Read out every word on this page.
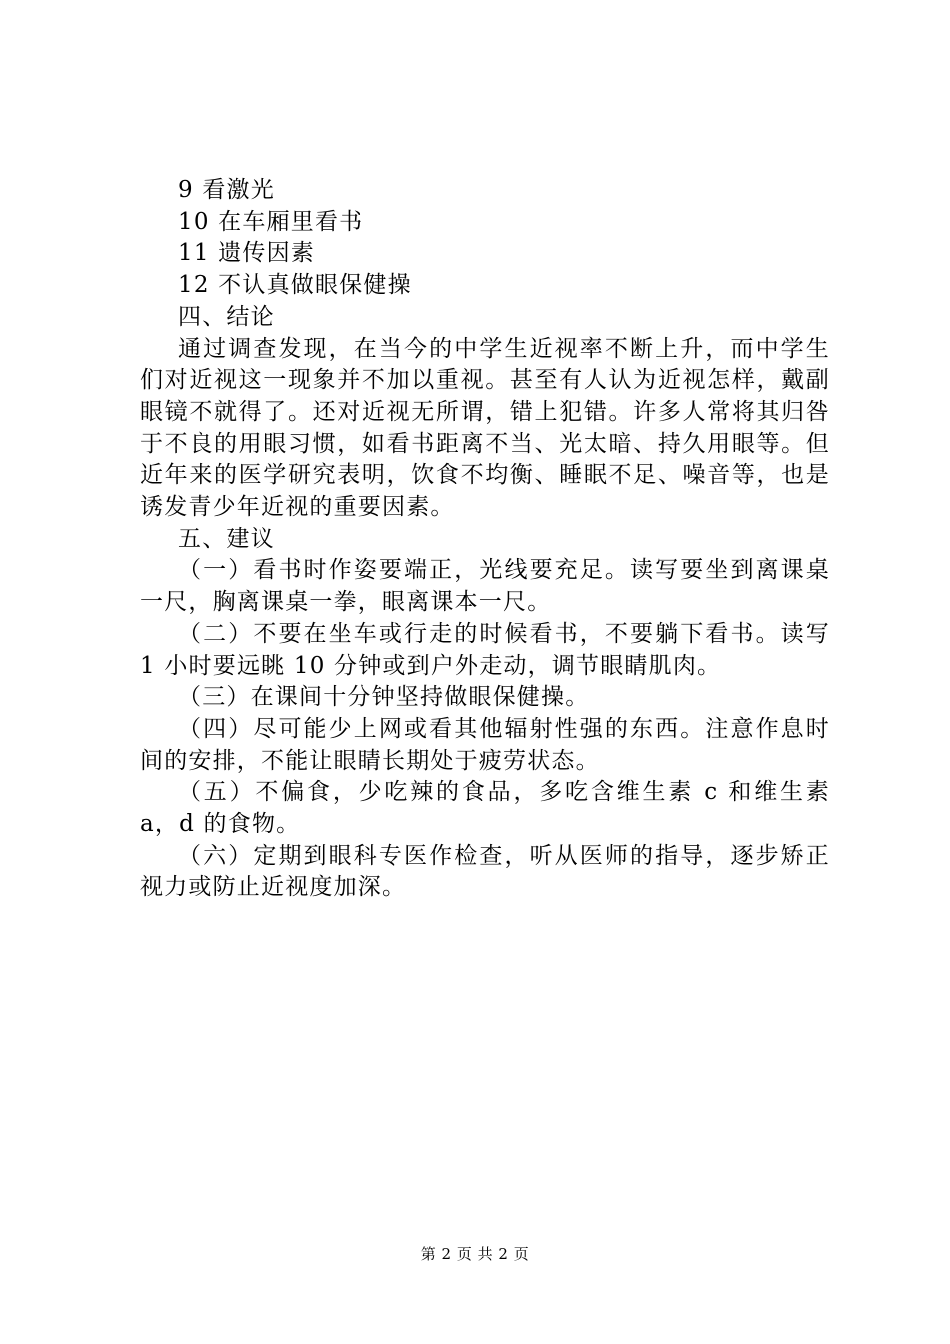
9 看激光

10 在车厢里看书

11 遗传因素

12 不认真做眼保健操

四、结论

通过调查发现，在当今的中学生近视率不断上升，而中学生们对近视这一现象并不加以重视。甚至有人认为近视怎样，戴副眼镜不就得了。还对近视无所谓，错上犯错。许多人常将其归咎于不良的用眼习惯，如看书距离不当、光太暗、持久用眼等。但近年来的医学研究表明，饮食不均衡、睡眠不足、噪音等，也是诱发青少年近视的重要因素。

五、建议

（一）看书时作姿要端正，光线要充足。读写要坐到离课桌一尺，胸离课桌一拳，眼离课本一尺。

（二）不要在坐车或行走的时候看书，不要躺下看书。读写 1 小时要远眺 10 分钟或到户外走动，调节眼睛肌肉。

（三）在课间十分钟坚持做眼保健操。

（四）尽可能少上网或看其他辐射性强的东西。注意作息时间的安排，不能让眼睛长期处于疲劳状态。

（五）不偏食，少吃辣的食品，多吃含维生素 c 和维生素 a，d 的食物。

（六）定期到眼科专医作检查，听从医师的指导，逐步矫正视力或防止近视度加深。

第 2 页 共 2 页
